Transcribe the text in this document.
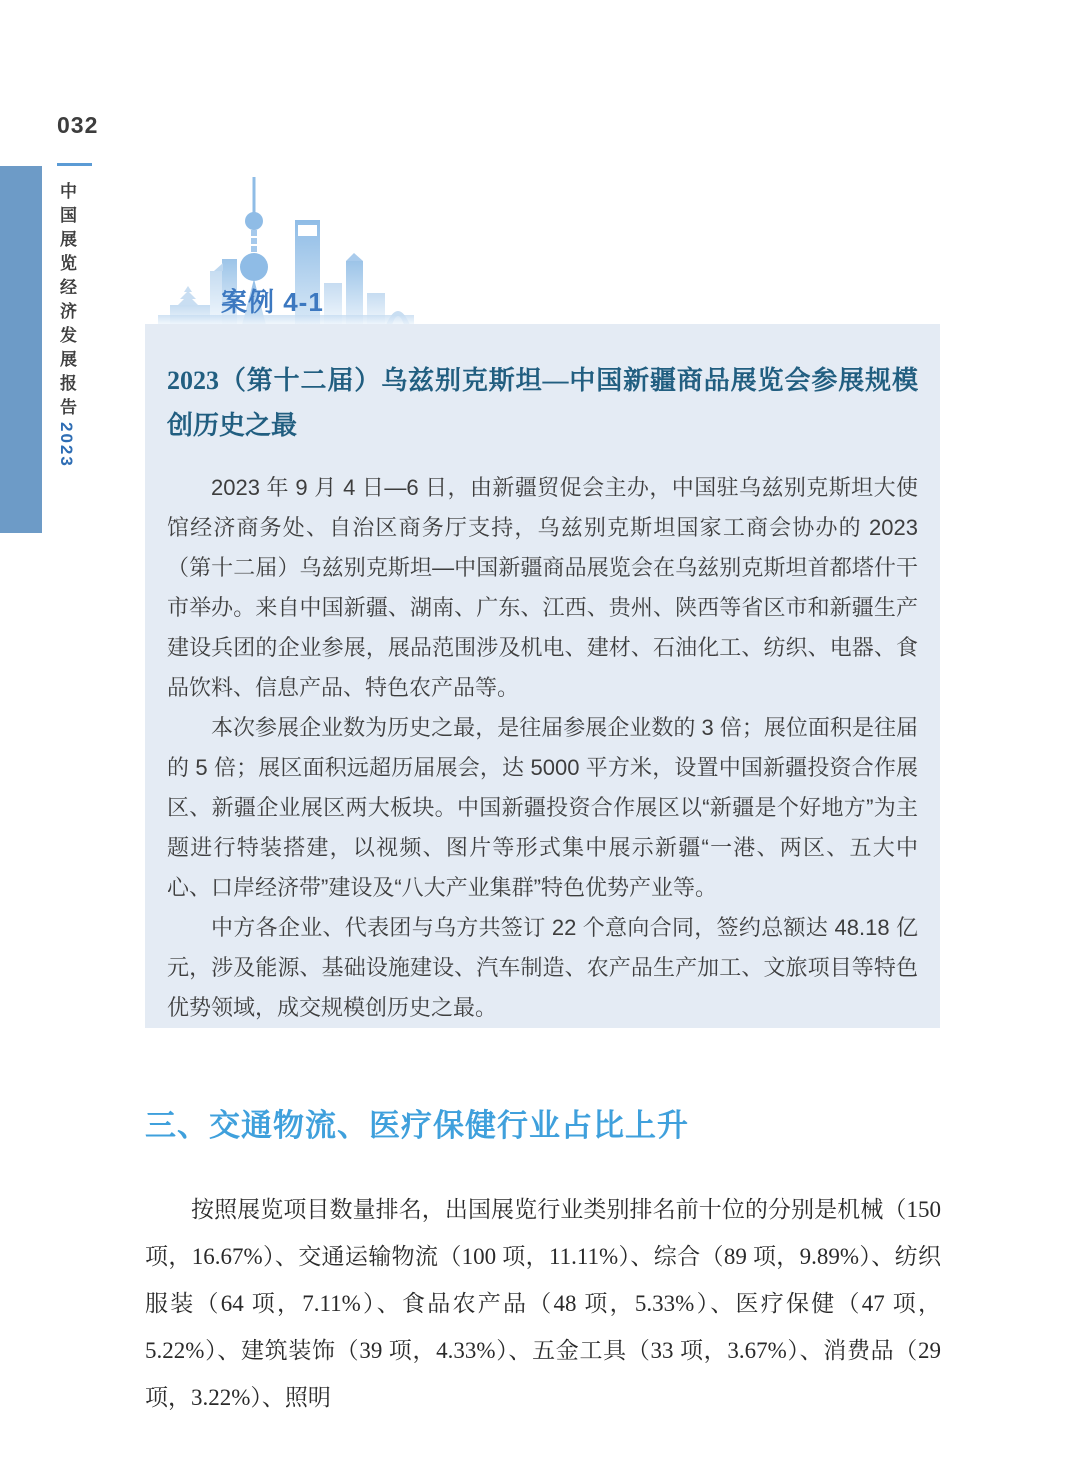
032
中国展览经济发展报告2023
案例 4-1
2023（第十二届）乌兹别克斯坦—中国新疆商品展览会参展规模创历史之最

2023 年 9 月 4 日—6 日，由新疆贸促会主办，中国驻乌兹别克斯坦大使馆经济商务处、自治区商务厅支持，乌兹别克斯坦国家工商会协办的 2023（第十二届）乌兹别克斯坦—中国新疆商品展览会在乌兹别克斯坦首都塔什干市举办。来自中国新疆、湖南、广东、江西、贵州、陕西等省区市和新疆生产建设兵团的企业参展，展品范围涉及机电、建材、石油化工、纺织、电器、食品饮料、信息产品、特色农产品等。

本次参展企业数为历史之最，是往届参展企业数的 3 倍；展位面积是往届的 5 倍；展区面积远超历届展会，达 5000 平方米，设置中国新疆投资合作展区、新疆企业展区两大板块。中国新疆投资合作展区以“新疆是个好地方”为主题进行特装搭建，以视频、图片等形式集中展示新疆“一港、两区、五大中心、口岸经济带”建设及“八大产业集群”特色优势产业等。

中方各企业、代表团与乌方共签订 22 个意向合同，签约总额达 48.18 亿元，涉及能源、基础设施建设、汽车制造、农产品生产加工、文旅项目等特色优势领域，成交规模创历史之最。

三、交通物流、医疗保健行业占比上升

按照展览项目数量排名，出国展览行业类别排名前十位的分别是机械（150 项，16.67%）、交通运输物流（100 项，11.11%）、综合（89 项，9.89%）、纺织服装（64 项，7.11%）、食品农产品（48 项，5.33%）、医疗保健（47 项，5.22%）、建筑装饰（39 项，4.33%）、五金工具（33 项，3.67%）、消费品（29 项，3.22%）、照明
